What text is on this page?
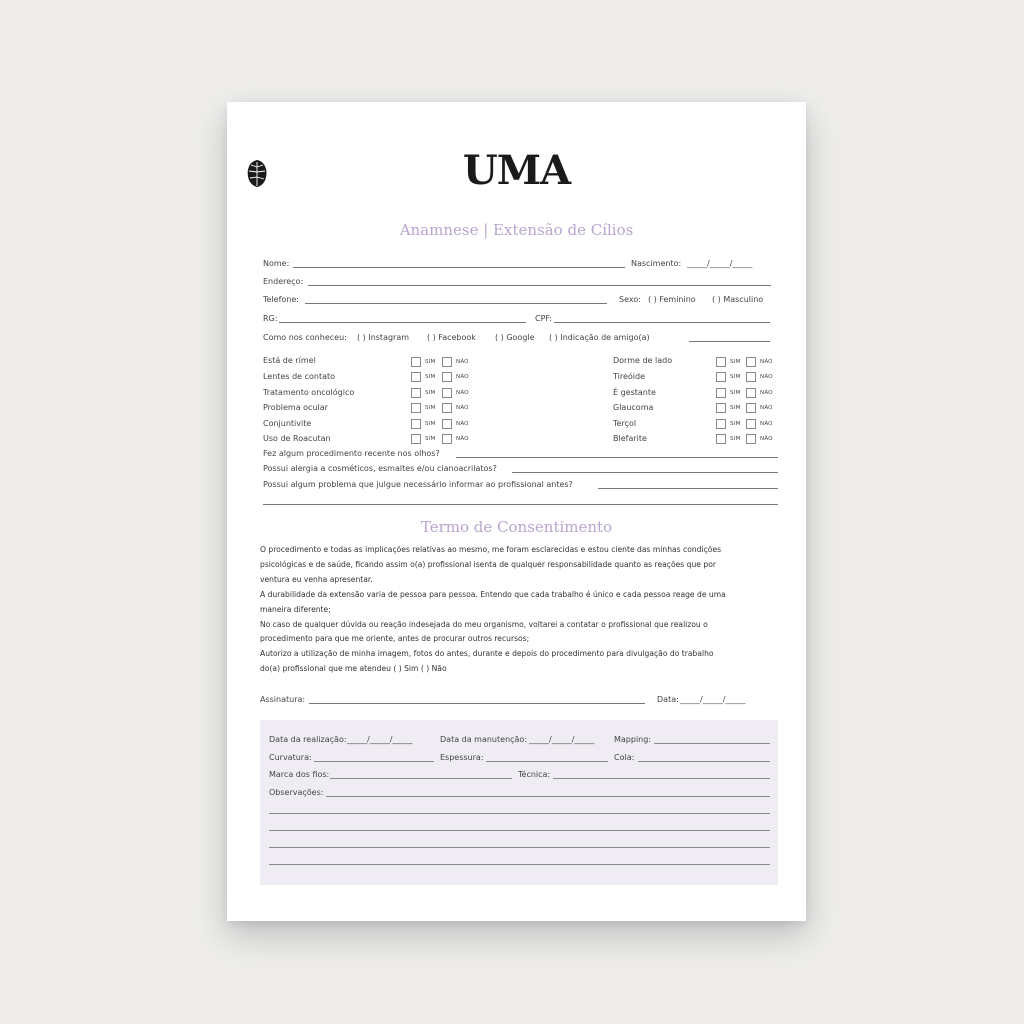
UMA
Anamnese | Extensão de Cílios
Nome:	Nascimento: _____/_____/_____
Endereço:
Telefone:	Sexo: ( ) Feminino ( ) Masculino
RG:	CPF:
Como nos conheceu: ( ) Instagram ( ) Facebook ( ) Google ( ) Indicação de amigo(a)
Está de rímel	SIM	NÃO
Lentes de contato	SIM	NÃO
Tratamento oncológico	SIM	NÃO
Problema ocular	SIM	NÃO
Conjuntivite	SIM	NÃO
Uso de Roacutan	SIM	NÃO
Dorme de lado	SIM	NÃO
Tireóide	SIM	NÃO
É gestante	SIM	NÃO
Glaucoma	SIM	NÃO
Terçol	SIM	NÃO
Blefarite	SIM	NÃO
Fez algum procedimento recente nos olhos?
Possui alergia a cosméticos, esmaltes e/ou cianoacrilatos?
Possui algum problema que julgue necessário informar ao profissional antes?
Termo de Consentimento
O procedimento e todas as implicações relativas ao mesmo, me foram esclarecidas e estou ciente das minhas condições
psicológicas e de saúde, ficando assim o(a) profissional isenta de qualquer responsabilidade quanto as reações que por
ventura eu venha apresentar.
A durabilidade da extensão varia de pessoa para pessoa. Entendo que cada trabalho é único e cada pessoa reage de uma
maneira diferente;
No caso de qualquer dúvida ou reação indesejada do meu organismo, voltarei a contatar o profissional que realizou o
procedimento para que me oriente, antes de procurar outros recursos;
Autorizo a utilização de minha imagem, fotos do antes, durante e depois do procedimento para divulgação do trabalho
do(a) profissional que me atendeu ( ) Sim ( ) Não
Assinatura:	Data: _____/_____/_____
Data da realização: _____/_____/_____	Data da manutenção: _____/_____/_____ Mapping:
Curvatura:	Espessura:	Cola:
Marca dos fios:	Técnica:
Observações:
